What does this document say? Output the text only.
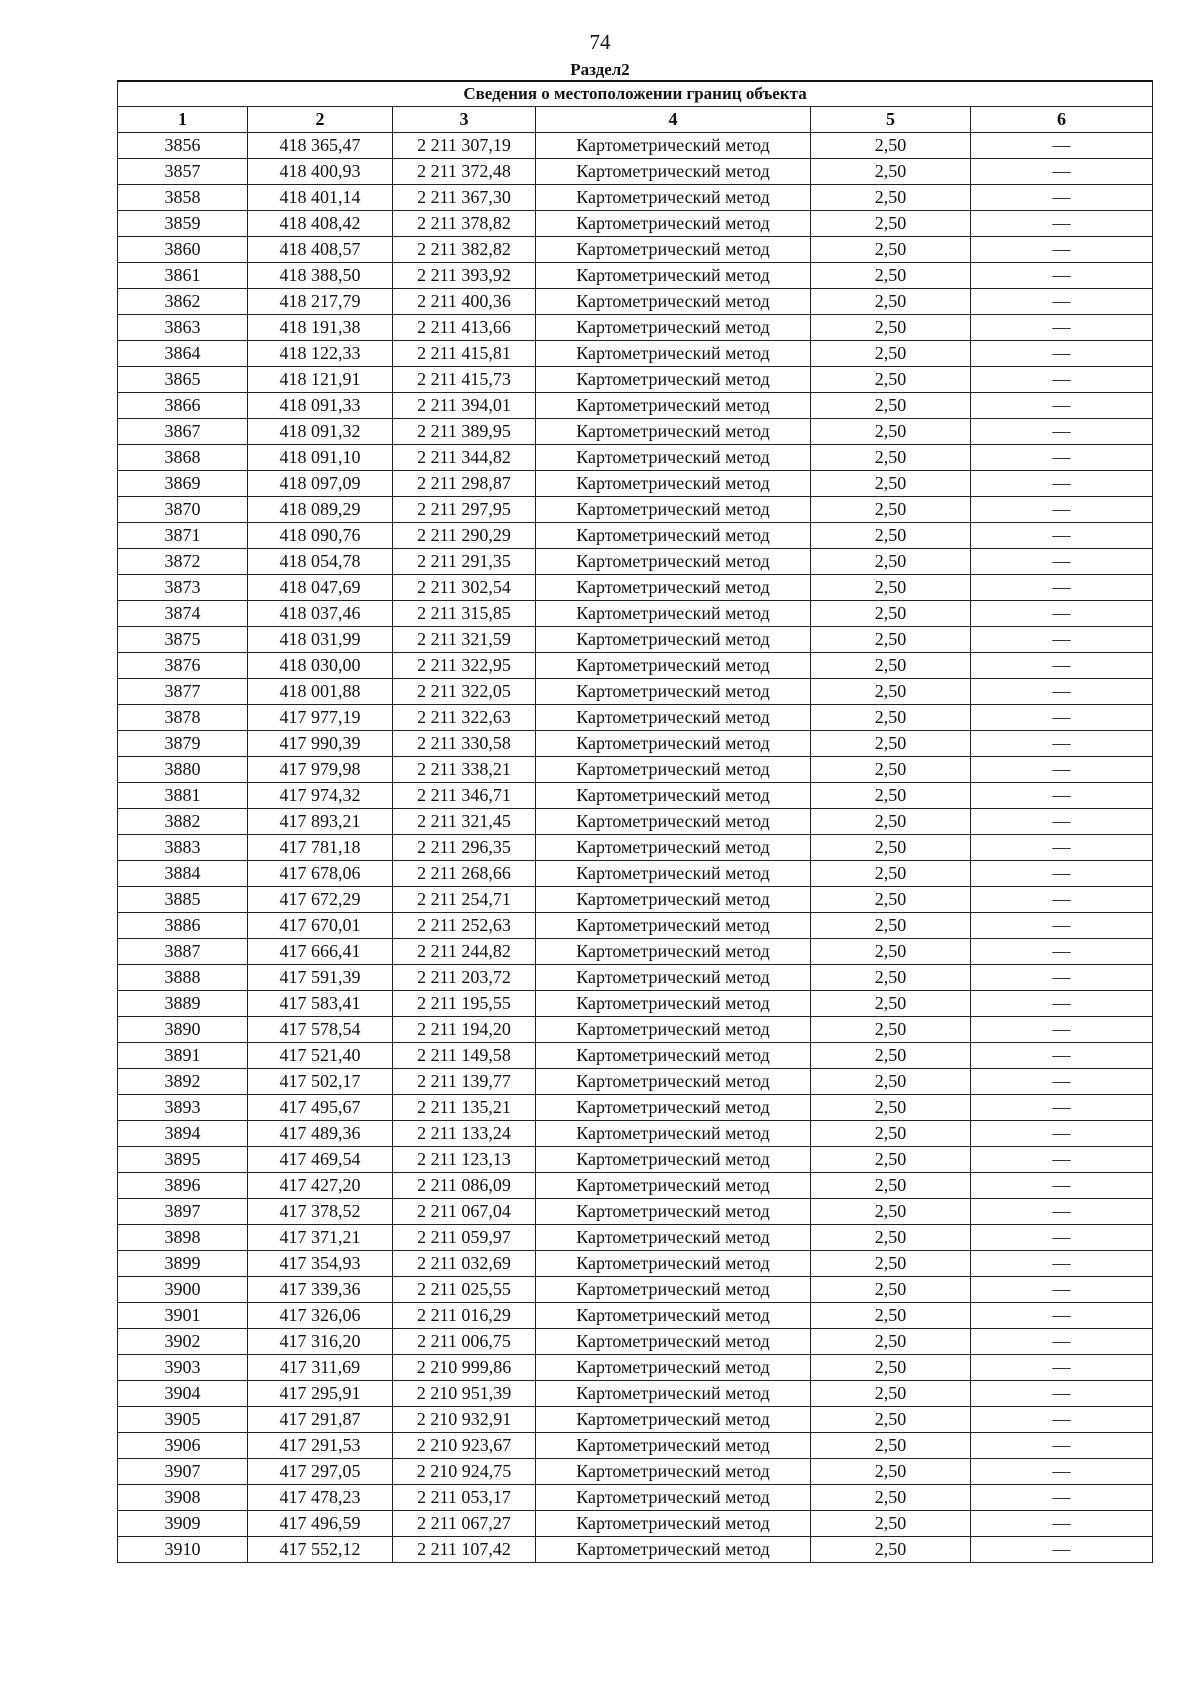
74
Раздел2
Сведения о местоположении границ объекта					
1	2	3	4	5	6
3856	418 365,47	2 211 307,19	Картометрический метод	2,50	—
3857	418 400,93	2 211 372,48	Картометрический метод	2,50	—
3858	418 401,14	2 211 367,30	Картометрический метод	2,50	—
3859	418 408,42	2 211 378,82	Картометрический метод	2,50	—
3860	418 408,57	2 211 382,82	Картометрический метод	2,50	—
3861	418 388,50	2 211 393,92	Картометрический метод	2,50	—
3862	418 217,79	2 211 400,36	Картометрический метод	2,50	—
3863	418 191,38	2 211 413,66	Картометрический метод	2,50	—
3864	418 122,33	2 211 415,81	Картометрический метод	2,50	—
3865	418 121,91	2 211 415,73	Картометрический метод	2,50	—
3866	418 091,33	2 211 394,01	Картометрический метод	2,50	—
3867	418 091,32	2 211 389,95	Картометрический метод	2,50	—
3868	418 091,10	2 211 344,82	Картометрический метод	2,50	—
3869	418 097,09	2 211 298,87	Картометрический метод	2,50	—
3870	418 089,29	2 211 297,95	Картометрический метод	2,50	—
3871	418 090,76	2 211 290,29	Картометрический метод	2,50	—
3872	418 054,78	2 211 291,35	Картометрический метод	2,50	—
3873	418 047,69	2 211 302,54	Картометрический метод	2,50	—
3874	418 037,46	2 211 315,85	Картометрический метод	2,50	—
3875	418 031,99	2 211 321,59	Картометрический метод	2,50	—
3876	418 030,00	2 211 322,95	Картометрический метод	2,50	—
3877	418 001,88	2 211 322,05	Картометрический метод	2,50	—
3878	417 977,19	2 211 322,63	Картометрический метод	2,50	—
3879	417 990,39	2 211 330,58	Картометрический метод	2,50	—
3880	417 979,98	2 211 338,21	Картометрический метод	2,50	—
3881	417 974,32	2 211 346,71	Картометрический метод	2,50	—
3882	417 893,21	2 211 321,45	Картометрический метод	2,50	—
3883	417 781,18	2 211 296,35	Картометрический метод	2,50	—
3884	417 678,06	2 211 268,66	Картометрический метод	2,50	—
3885	417 672,29	2 211 254,71	Картометрический метод	2,50	—
3886	417 670,01	2 211 252,63	Картометрический метод	2,50	—
3887	417 666,41	2 211 244,82	Картометрический метод	2,50	—
3888	417 591,39	2 211 203,72	Картометрический метод	2,50	—
3889	417 583,41	2 211 195,55	Картометрический метод	2,50	—
3890	417 578,54	2 211 194,20	Картометрический метод	2,50	—
3891	417 521,40	2 211 149,58	Картометрический метод	2,50	—
3892	417 502,17	2 211 139,77	Картометрический метод	2,50	—
3893	417 495,67	2 211 135,21	Картометрический метод	2,50	—
3894	417 489,36	2 211 133,24	Картометрический метод	2,50	—
3895	417 469,54	2 211 123,13	Картометрический метод	2,50	—
3896	417 427,20	2 211 086,09	Картометрический метод	2,50	—
3897	417 378,52	2 211 067,04	Картометрический метод	2,50	—
3898	417 371,21	2 211 059,97	Картометрический метод	2,50	—
3899	417 354,93	2 211 032,69	Картометрический метод	2,50	—
3900	417 339,36	2 211 025,55	Картометрический метод	2,50	—
3901	417 326,06	2 211 016,29	Картометрический метод	2,50	—
3902	417 316,20	2 211 006,75	Картометрический метод	2,50	—
3903	417 311,69	2 210 999,86	Картометрический метод	2,50	—
3904	417 295,91	2 210 951,39	Картометрический метод	2,50	—
3905	417 291,87	2 210 932,91	Картометрический метод	2,50	—
3906	417 291,53	2 210 923,67	Картометрический метод	2,50	—
3907	417 297,05	2 210 924,75	Картометрический метод	2,50	—
3908	417 478,23	2 211 053,17	Картометрический метод	2,50	—
3909	417 496,59	2 211 067,27	Картометрический метод	2,50	—
3910	417 552,12	2 211 107,42	Картометрический метод	2,50	—
